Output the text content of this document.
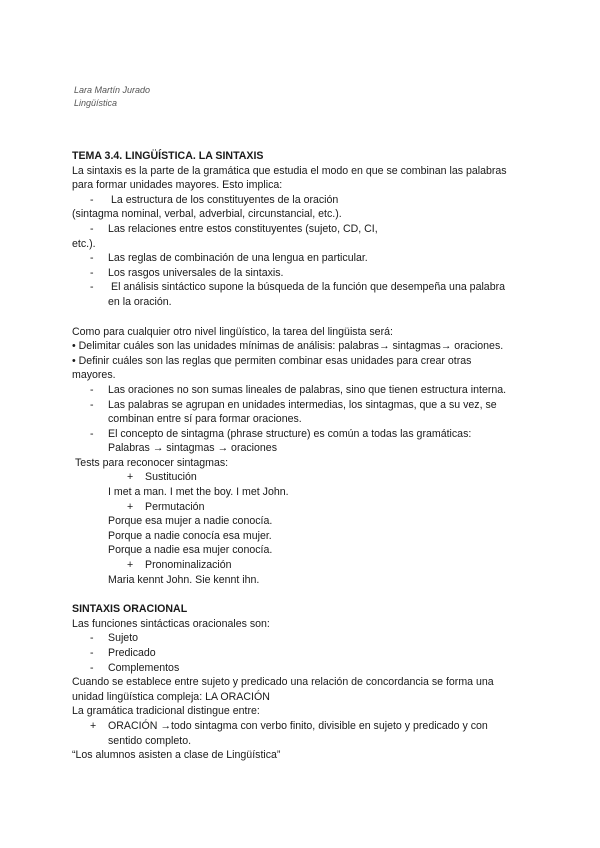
Lara Martín Jurado
Lingüística
TEMA 3.4. LINGÜÍSTICA. LA SINTAXIS
La sintaxis es la parte de la gramática que estudia el modo en que se combinan las palabras
para formar unidades mayores. Esto implica:
- La estructura de los constituyentes de la oración
(sintagma nominal, verbal, adverbial, circunstancial, etc.).
- Las relaciones entre estos constituyentes (sujeto, CD, CI,
etc.).
- Las reglas de combinación de una lengua en particular.
- Los rasgos universales de la sintaxis.
- El análisis sintáctico supone la búsqueda de la función que desempeña una palabra
en la oración.
Como para cualquier otro nivel lingüístico, la tarea del lingüista será:
• Delimitar cuáles son las unidades mínimas de análisis: palabras→ sintagmas→ oraciones.
• Definir cuáles son las reglas que permiten combinar esas unidades para crear otras
mayores.
- Las oraciones no son sumas lineales de palabras, sino que tienen estructura interna.
- Las palabras se agrupan en unidades intermedias, los sintagmas, que a su vez, se
combinan entre sí para formar oraciones.
- El concepto de sintagma (phrase structure) es común a todas las gramáticas:
Palabras → sintagmas → oraciones
Tests para reconocer sintagmas:
+ Sustitución
I met a man. I met the boy. I met John.
+ Permutación
Porque esa mujer a nadie conocía.
Porque a nadie conocía esa mujer.
Porque a nadie esa mujer conocía.
+ Pronominalización
Maria kennt John. Sie kennt ihn.
SINTAXIS ORACIONAL
Las funciones sintácticas oracionales son:
- Sujeto
- Predicado
- Complementos
Cuando se establece entre sujeto y predicado una relación de concordancia se forma una
unidad lingüística compleja: LA ORACIÓN
La gramática tradicional distingue entre:
+ ORACIÓN →todo sintagma con verbo finito, divisible en sujeto y predicado y con
sentido completo.
“Los alumnos asisten a clase de Lingüística”
